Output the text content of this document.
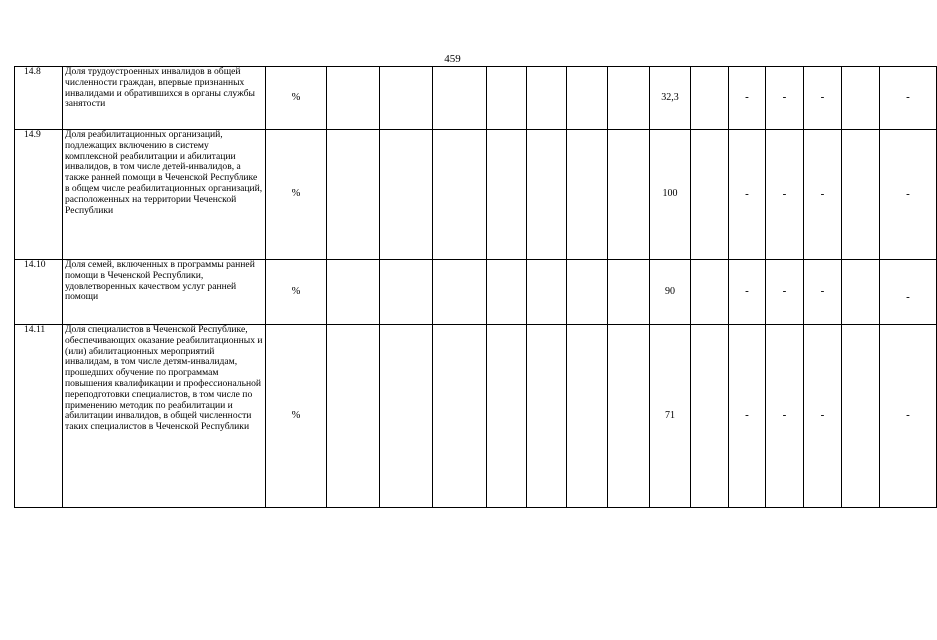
459
14.8	Доля трудоустроенных инвалидов в общей численности граждан, впервые признанных инвалидами и обратившихся в органы службы занятости	%								32,3		-	-	-		-
14.9	Доля реабилитационных организаций, подлежащих включению в систему комплексной реабилитации и абилитации инвалидов, в том числе детей-инвалидов, а также ранней помощи в Чеченской Республике в общем числе реабилитационных организаций, расположенных на территории Чеченской Республики	%								100		-	-	-		-
14.10	Доля семей, включенных в программы ранней помощи в Чеченской Республики, удовлетворенных качеством услуг ранней помощи	%								90		-	-	-		-
14.11	Доля специалистов в Чеченской Республике, обеспечивающих оказание реабилитационных и (или) абилитационных мероприятий инвалидам, в том числе детям-инвалидам, прошедших обучение по программам повышения квалификации и профессиональной переподготовки специалистов, в том числе по применению методик по реабилитации и абилитации инвалидов, в общей численности таких специалистов в Чеченской Республики	%								71		-	-	-		-
